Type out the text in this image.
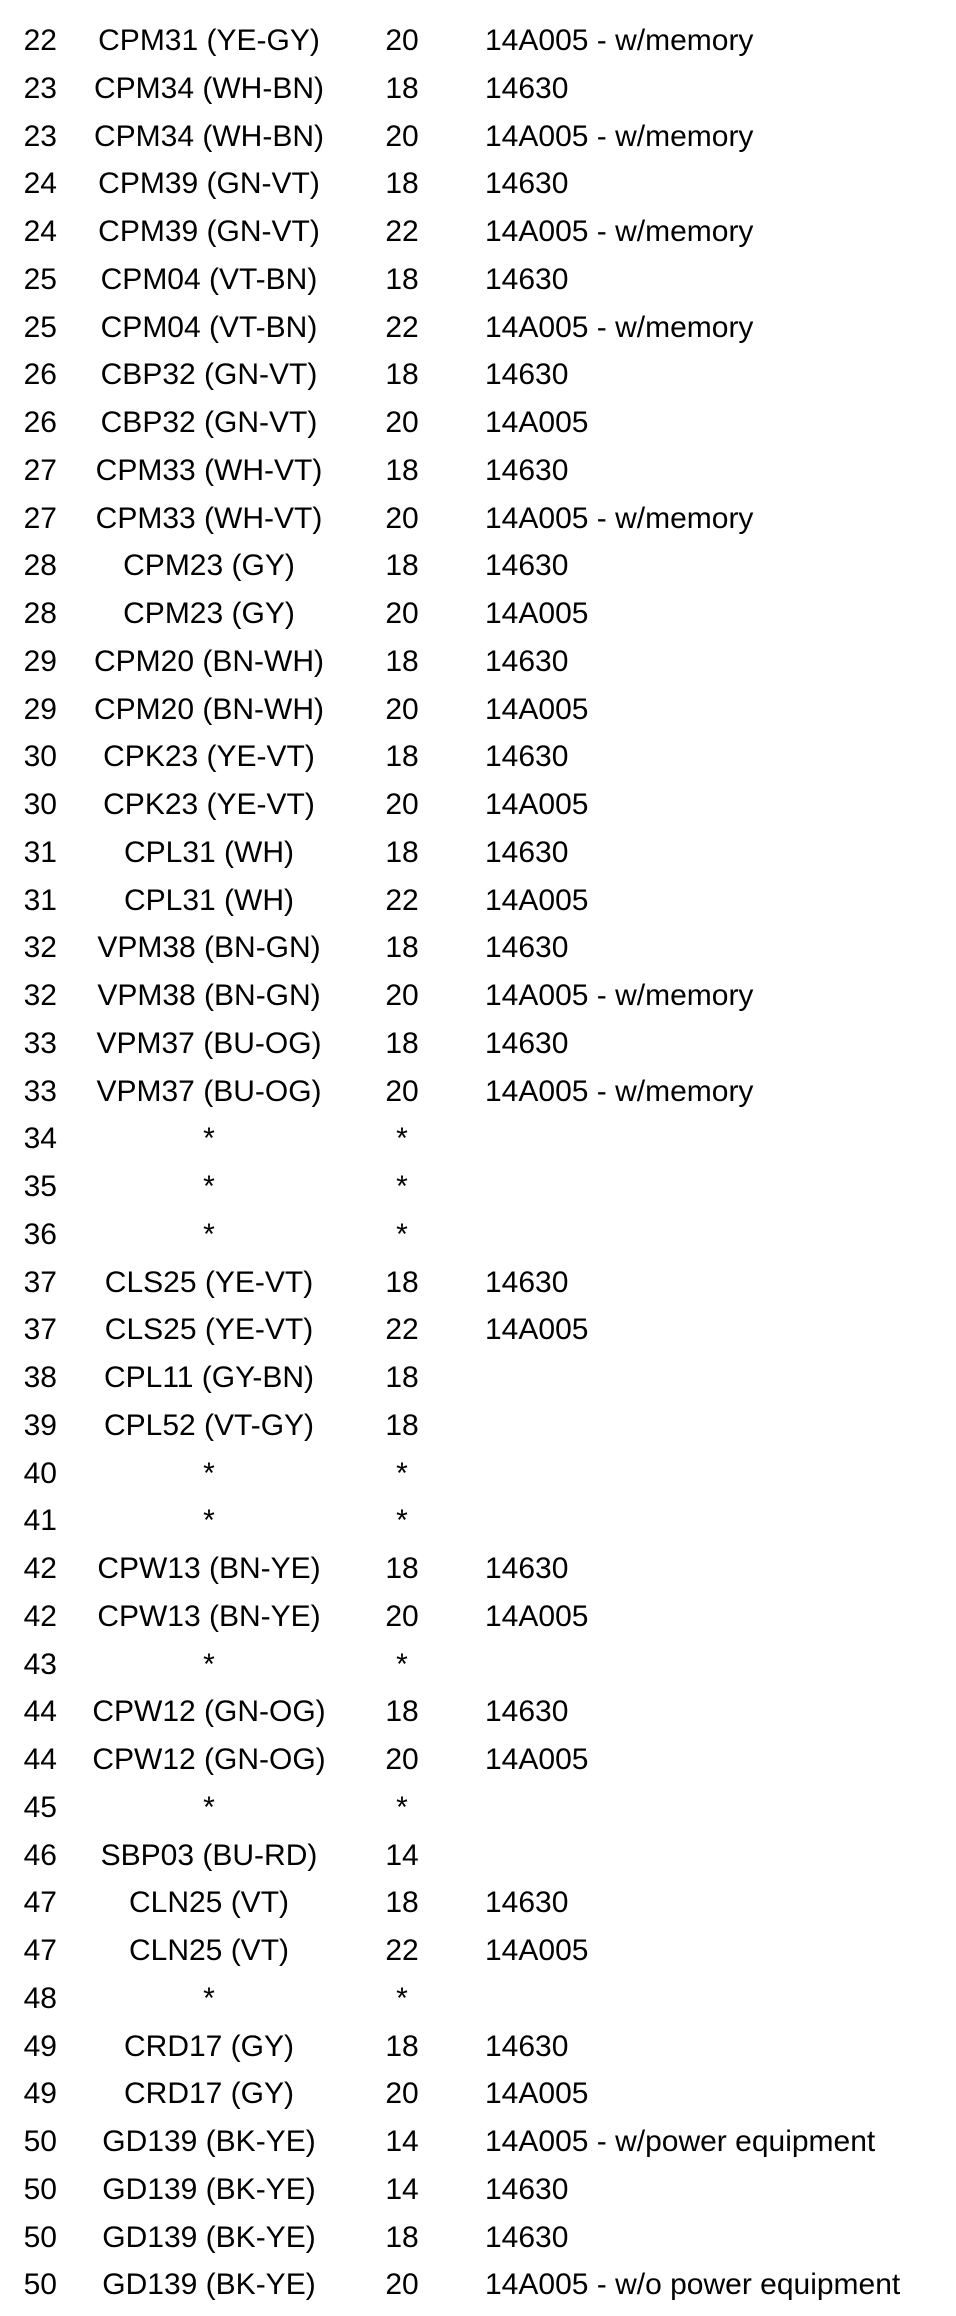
22	CPM31 (YE-GY)	20	14A005 - w/memory
23	CPM34 (WH-BN)	18	14630
23	CPM34 (WH-BN)	20	14A005 - w/memory
24	CPM39 (GN-VT)	18	14630
24	CPM39 (GN-VT)	22	14A005 - w/memory
25	CPM04 (VT-BN)	18	14630
25	CPM04 (VT-BN)	22	14A005 - w/memory
26	CBP32 (GN-VT)	18	14630
26	CBP32 (GN-VT)	20	14A005
27	CPM33 (WH-VT)	18	14630
27	CPM33 (WH-VT)	20	14A005 - w/memory
28	CPM23 (GY)	18	14630
28	CPM23 (GY)	20	14A005
29	CPM20 (BN-WH)	18	14630
29	CPM20 (BN-WH)	20	14A005
30	CPK23 (YE-VT)	18	14630
30	CPK23 (YE-VT)	20	14A005
31	CPL31 (WH)	18	14630
31	CPL31 (WH)	22	14A005
32	VPM38 (BN-GN)	18	14630
32	VPM38 (BN-GN)	20	14A005 - w/memory
33	VPM37 (BU-OG)	18	14630
33	VPM37 (BU-OG)	20	14A005 - w/memory
34	*	*
35	*	*
36	*	*
37	CLS25 (YE-VT)	18	14630
37	CLS25 (YE-VT)	22	14A005
38	CPL11 (GY-BN)	18
39	CPL52 (VT-GY)	18
40	*	*
41	*	*
42	CPW13 (BN-YE)	18	14630
42	CPW13 (BN-YE)	20	14A005
43	*	*
44	CPW12 (GN-OG)	18	14630
44	CPW12 (GN-OG)	20	14A005
45	*	*
46	SBP03 (BU-RD)	14
47	CLN25 (VT)	18	14630
47	CLN25 (VT)	22	14A005
48	*	*
49	CRD17 (GY)	18	14630
49	CRD17 (GY)	20	14A005
50	GD139 (BK-YE)	14	14A005 - w/power equipment
50	GD139 (BK-YE)	14	14630
50	GD139 (BK-YE)	18	14630
50	GD139 (BK-YE)	20	14A005 - w/o power equipment
